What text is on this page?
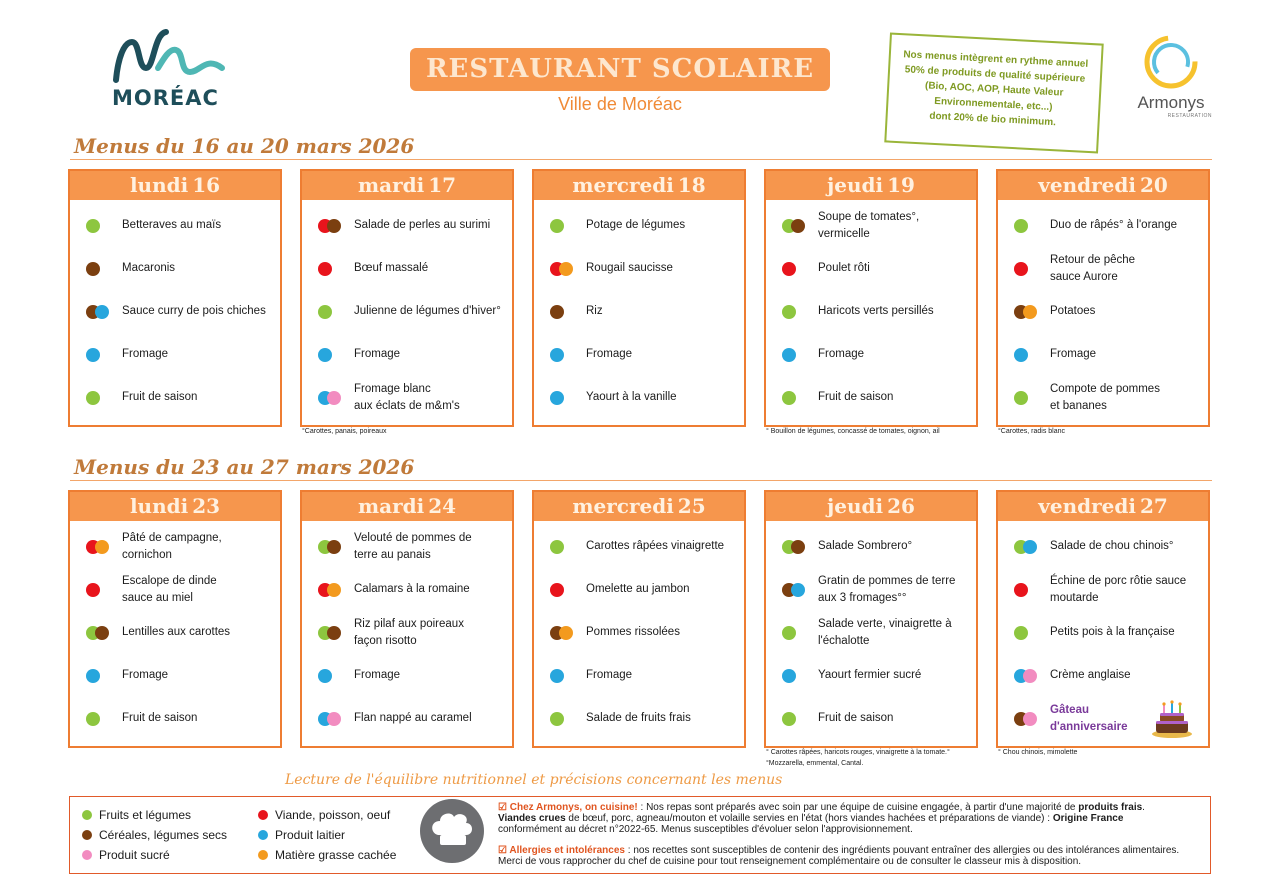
MORÉAC
RESTAURANT SCOLAIRE
Ville de Moréac

Nos menus intègrent en rythme annuel

50% de produits de qualité supérieure

(Bio, AOC, AOP, Haute Valeur

Environnementale, etc...)

dont 20% de bio minimum.

Armonys
RESTAURATION
Menus du 16 au 20 mars 2026
lundi 16
Betteraves au maïs
Macaronis
Sauce curry de pois chiches
Fromage
Fruit de saison
mardi 17
Salade de perles au surimi
Bœuf massalé
Julienne de légumes d'hiver°
Fromage
Fromage blanc
aux éclats de m&m's
°Carottes, panais, poireaux
mercredi 18
Potage de légumes
Rougail saucisse
Riz
Fromage
Yaourt à la vanille
jeudi 19
Soupe de tomates°,
vermicelle
Poulet rôti
Haricots verts persillés
Fromage
Fruit de saison
° Bouillon de légumes, concassé de tomates, oignon, ail
vendredi 20
Duo de râpés° à l'orange
Retour de pêche
sauce Aurore
Potatoes
Fromage
Compote de pommes
et bananes
°Carottes, radis blanc
Menus du 23 au 27 mars 2026
lundi 23
Pâté de campagne,
cornichon
Escalope de dinde
sauce au miel
Lentilles aux carottes
Fromage
Fruit de saison
mardi 24
Velouté de pommes de
terre au panais
Calamars à la romaine
Riz pilaf aux poireaux
façon risotto
Fromage
Flan nappé au caramel
mercredi 25
Carottes râpées vinaigrette
Omelette au jambon
Pommes rissolées
Fromage
Salade de fruits frais
jeudi 26
Salade Sombrero°
Gratin de pommes de terre
aux 3 fromages°°
Salade verte, vinaigrette à
l'échalotte
Yaourt fermier sucré
Fruit de saison
° Carottes râpées, haricots rouges, vinaigrette à la tomate.°°Mozzarella, emmental, Cantal.
vendredi 27
Salade de chou chinois°
Échine de porc rôtie sauce
moutarde
Petits pois à la française
Crème anglaise
Gâteau
d'anniversaire
° Chou chinois, mimolette
Lecture de l'équilibre nutritionnel et précisions concernant les menus
Fruits et légumes
Céréales, légumes secs
Produit sucré
Viande, poisson, oeuf
Produit laitier
Matière grasse cachée
☑ Chez Armonys, on cuisine! : Nos repas sont préparés avec soin par une équipe de cuisine engagée, à partir d'une majorité de produits frais.
Viandes crues de bœuf, porc, agneau/mouton et volaille servies en l'état (hors viandes hachées et préparations de viande) : Origine France
conformément au décret n°2022-65. Menus susceptibles d'évoluer selon l'approvisionnement.
☑ Allergies et intolérances : nos recettes sont susceptibles de contenir des ingrédients pouvant entraîner des allergies ou des intolérances alimentaires. Merci de vous rapprocher du chef de cuisine pour tout renseignement complémentaire ou de consulter le classeur mis à disposition.
